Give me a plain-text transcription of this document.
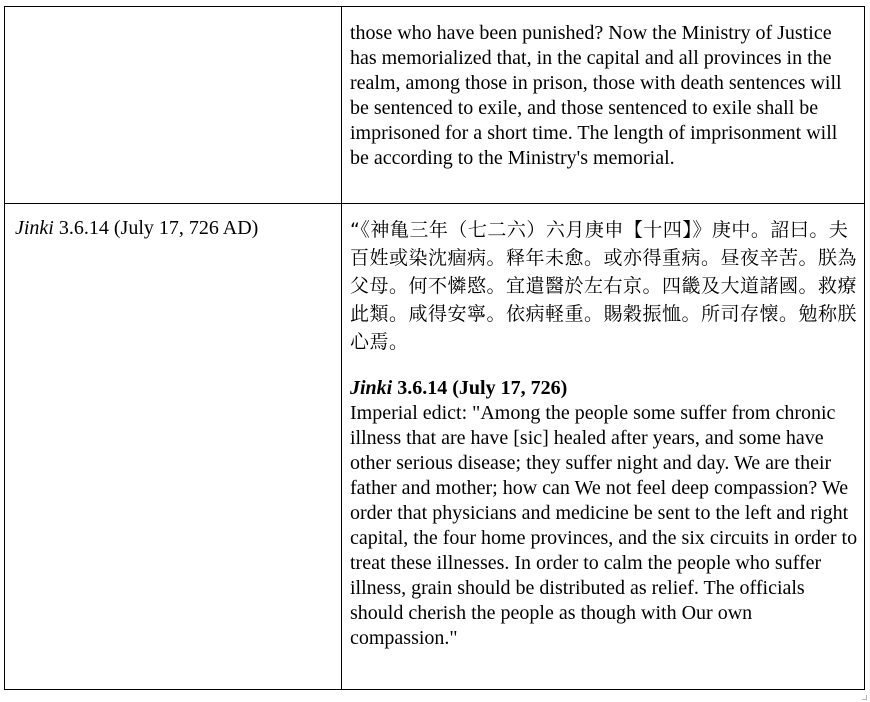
	those who have been punished? Now the Ministry of Justice has memorialized that, in the capital and all provinces in the realm, among those in prison, those with death sentences will be sentenced to exile, and those sentenced to exile shall be imprisoned for a short time. The length of imprisonment will be according to the Ministry's memorial.

Jinki 3.6.14 (July 17, 726 AD)	“《神亀三年（七二六）六月庚申【十四】》庚中。詔曰。夫百姓或染沈痼病。释年未愈。或亦得重病。昼夜辛苦。朕為父母。何不憐愍。宜遣醫於左右京。四畿及大道諸國。救療此類。咸得安寧。依病軽重。賜穀振恤。所司存懐。勉称朕心焉。
Jinki 3.6.14 (July 17, 726)
Imperial edict: "Among the people some suffer from chronic illness that are have [sic] healed after years, and some have other serious disease; they suffer night and day. We are their father and mother; how can We not feel deep compassion? We order that physicians and medicine be sent to the left and right capital, the four home provinces, and the six circuits in order to treat these illnesses. In order to calm the people who suffer illness, grain should be distributed as relief. The officials should cherish the people as though with Our own compassion."
